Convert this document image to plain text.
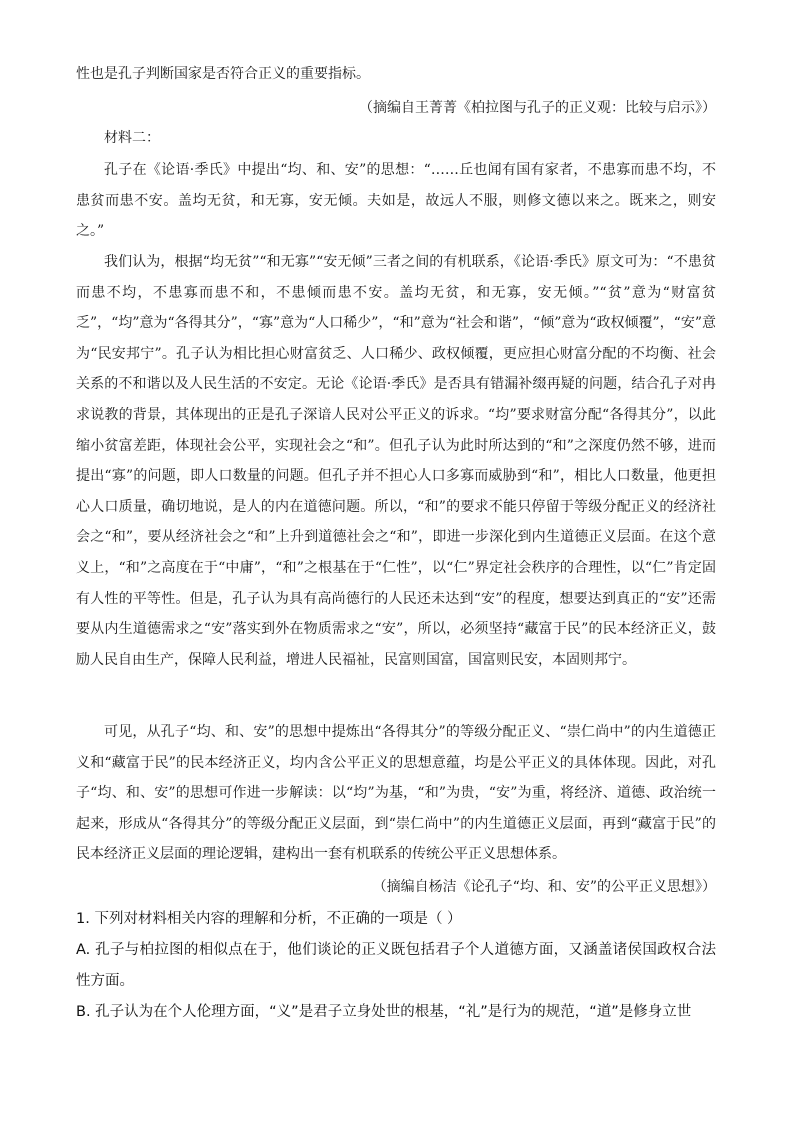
性也是孔子判断国家是否符合正义的重要指标。

（摘编自王菁菁《柏拉图与孔子的正义观：比较与启示》）

材料二：

孔子在《论语·季氏》中提出“均、和、安”的思想：“……丘也闻有国有家者，不患寡而患不均，不患贫而患不安。盖均无贫，和无寡，安无倾。夫如是，故远人不服，则修文德以来之。既来之，则安之。”

我们认为，根据“均无贫”“和无寡”“安无倾”三者之间的有机联系，《论语·季氏》原文可为：“不患贫而患不均，不患寡而患不和，不患倾而患不安。盖均无贫，和无寡，安无倾。”“贫”意为“财富贫乏”，“均”意为“各得其分”，“寡”意为“人口稀少”，“和”意为“社会和谐”，“倾”意为“政权倾覆”，“安”意为“民安邦宁”。孔子认为相比担心财富贫乏、人口稀少、政权倾覆，更应担心财富分配的不均衡、社会关系的不和谐以及人民生活的不安定。无论《论语·季氏》是否具有错漏补缀再疑的问题，结合孔子对冉求说教的背景，其体现出的正是孔子深谙人民对公平正义的诉求。“均”要求财富分配“各得其分”，以此缩小贫富差距，体现社会公平，实现社会之“和”。但孔子认为此时所达到的“和”之深度仍然不够，进而提出“寡”的问题，即人口数量的问题。但孔子并不担心人口多寡而威胁到“和”，相比人口数量，他更担心人口质量，确切地说，是人的内在道德问题。所以，“和”的要求不能只停留于等级分配正义的经济社会之“和”，要从经济社会之“和”上升到道德社会之“和”，即进一步深化到内生道德正义层面。在这个意义上，“和”之高度在于“中庸”，“和”之根基在于“仁性”，以“仁”界定社会秩序的合理性，以“仁”肯定固有人性的平等性。但是，孔子认为具有高尚德行的人民还未达到“安”的程度，想要达到真正的“安”还需要从内生道德需求之“安”落实到外在物质需求之“安”，所以，必须坚持“藏富于民”的民本经济正义，鼓励人民自由生产，保障人民利益，增进人民福祉，民富则国富，国富则民安，本固则邦宁。

可见，从孔子“均、和、安”的思想中提炼出“各得其分”的等级分配正义、“崇仁尚中”的内生道德正义和“藏富于民”的民本经济正义，均内含公平正义的思想意蕴，均是公平正义的具体体现。因此，对孔子“均、和、安”的思想可作进一步解读：以“均”为基，“和”为贵，“安”为重，将经济、道德、政治统一起来，形成从“各得其分”的等级分配正义层面，到“崇仁尚中”的内生道德正义层面，再到“藏富于民”的民本经济正义层面的理论逻辑，建构出一套有机联系的传统公平正义思想体系。

（摘编自杨洁《论孔子“均、和、安”的公平正义思想》）

1. 下列对材料相关内容的理解和分析，不正确的一项是（ ）

A. 孔子与柏拉图的相似点在于，他们谈论的正义既包括君子个人道德方面，又涵盖诸侯国政权合法性方面。

B. 孔子认为在个人伦理方面，“义”是君子立身处世的根基，“礼”是行为的规范，“道”是修身立世
